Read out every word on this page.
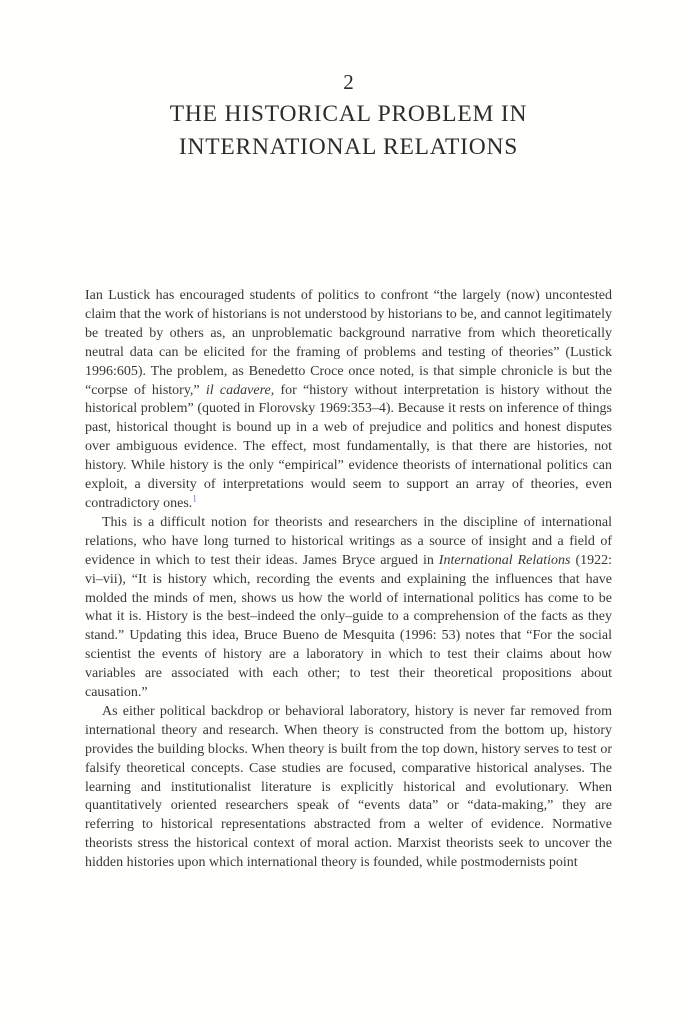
2
THE HISTORICAL PROBLEM IN
INTERNATIONAL RELATIONS

Ian Lustick has encouraged students of politics to confront “the largely (now) uncontested claim that the work of historians is not understood by historians to be, and cannot legitimately be treated by others as, an unproblematic background narrative from which theoretically neutral data can be elicited for the framing of problems and testing of theories” (Lustick 1996:605). The problem, as Benedetto Croce once noted, is that simple chronicle is but the “corpse of history,” il cadavere, for “history without interpretation is history without the historical problem” (quoted in Florovsky 1969:353–4). Because it rests on inference of things past, historical thought is bound up in a web of prejudice and politics and honest disputes over ambiguous evidence. The effect, most fundamentally, is that there are histories, not history. While history is the only “empirical” evidence theorists of international politics can exploit, a diversity of interpretations would seem to support an array of theories, even contradictory ones.$^1$

This is a difficult notion for theorists and researchers in the discipline of international relations, who have long turned to historical writings as a source of insight and a field of evidence in which to test their ideas. James Bryce argued in International Relations (1922: vi–vii), “It is history which, recording the events and explaining the influences that have molded the minds of men, shows us how the world of international politics has come to be what it is. History is the best–indeed the only–guide to a comprehension of the facts as they stand.” Updating this idea, Bruce Bueno de Mesquita (1996: 53) notes that “For the social scientist the events of history are a laboratory in which to test their claims about how variables are associated with each other; to test their theoretical propositions about causation.”

As either political backdrop or behavioral laboratory, history is never far removed from international theory and research. When theory is constructed from the bottom up, history provides the building blocks. When theory is built from the top down, history serves to test or falsify theoretical concepts. Case studies are focused, comparative historical analyses. The learning and institutionalist literature is explicitly historical and evolutionary. When quantitatively oriented researchers speak of “events data” or “data-making,” they are referring to historical representations abstracted from a welter of evidence. Normative theorists stress the historical context of moral action. Marxist theorists seek to uncover the hidden histories upon which international theory is founded, while postmodernists point
